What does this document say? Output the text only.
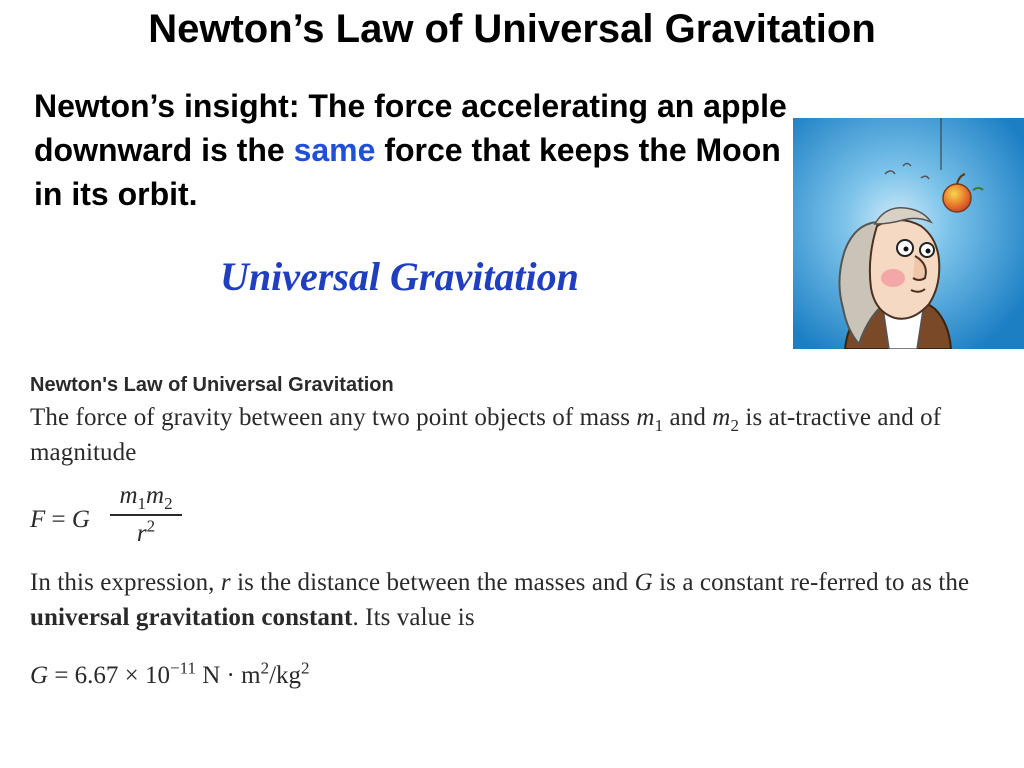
Newton’s Law of Universal Gravitation
Newton’s insight: The force accelerating an apple downward is the same force that keeps the Moon in its orbit.
Universal Gravitation
Newton's Law of Universal Gravitation
The force of gravity between any two point objects of mass $m_1$ and $m_2$ is at-tractive and of magnitude
F = G
$m_1m_2$
$r^2$
In this expression, r is the distance between the masses and G is a constant re-ferred to as the universal gravitation constant. Its value is
$G = 6.67 \times 10^{-11}$ $N \cdot m^2/kg^2$
